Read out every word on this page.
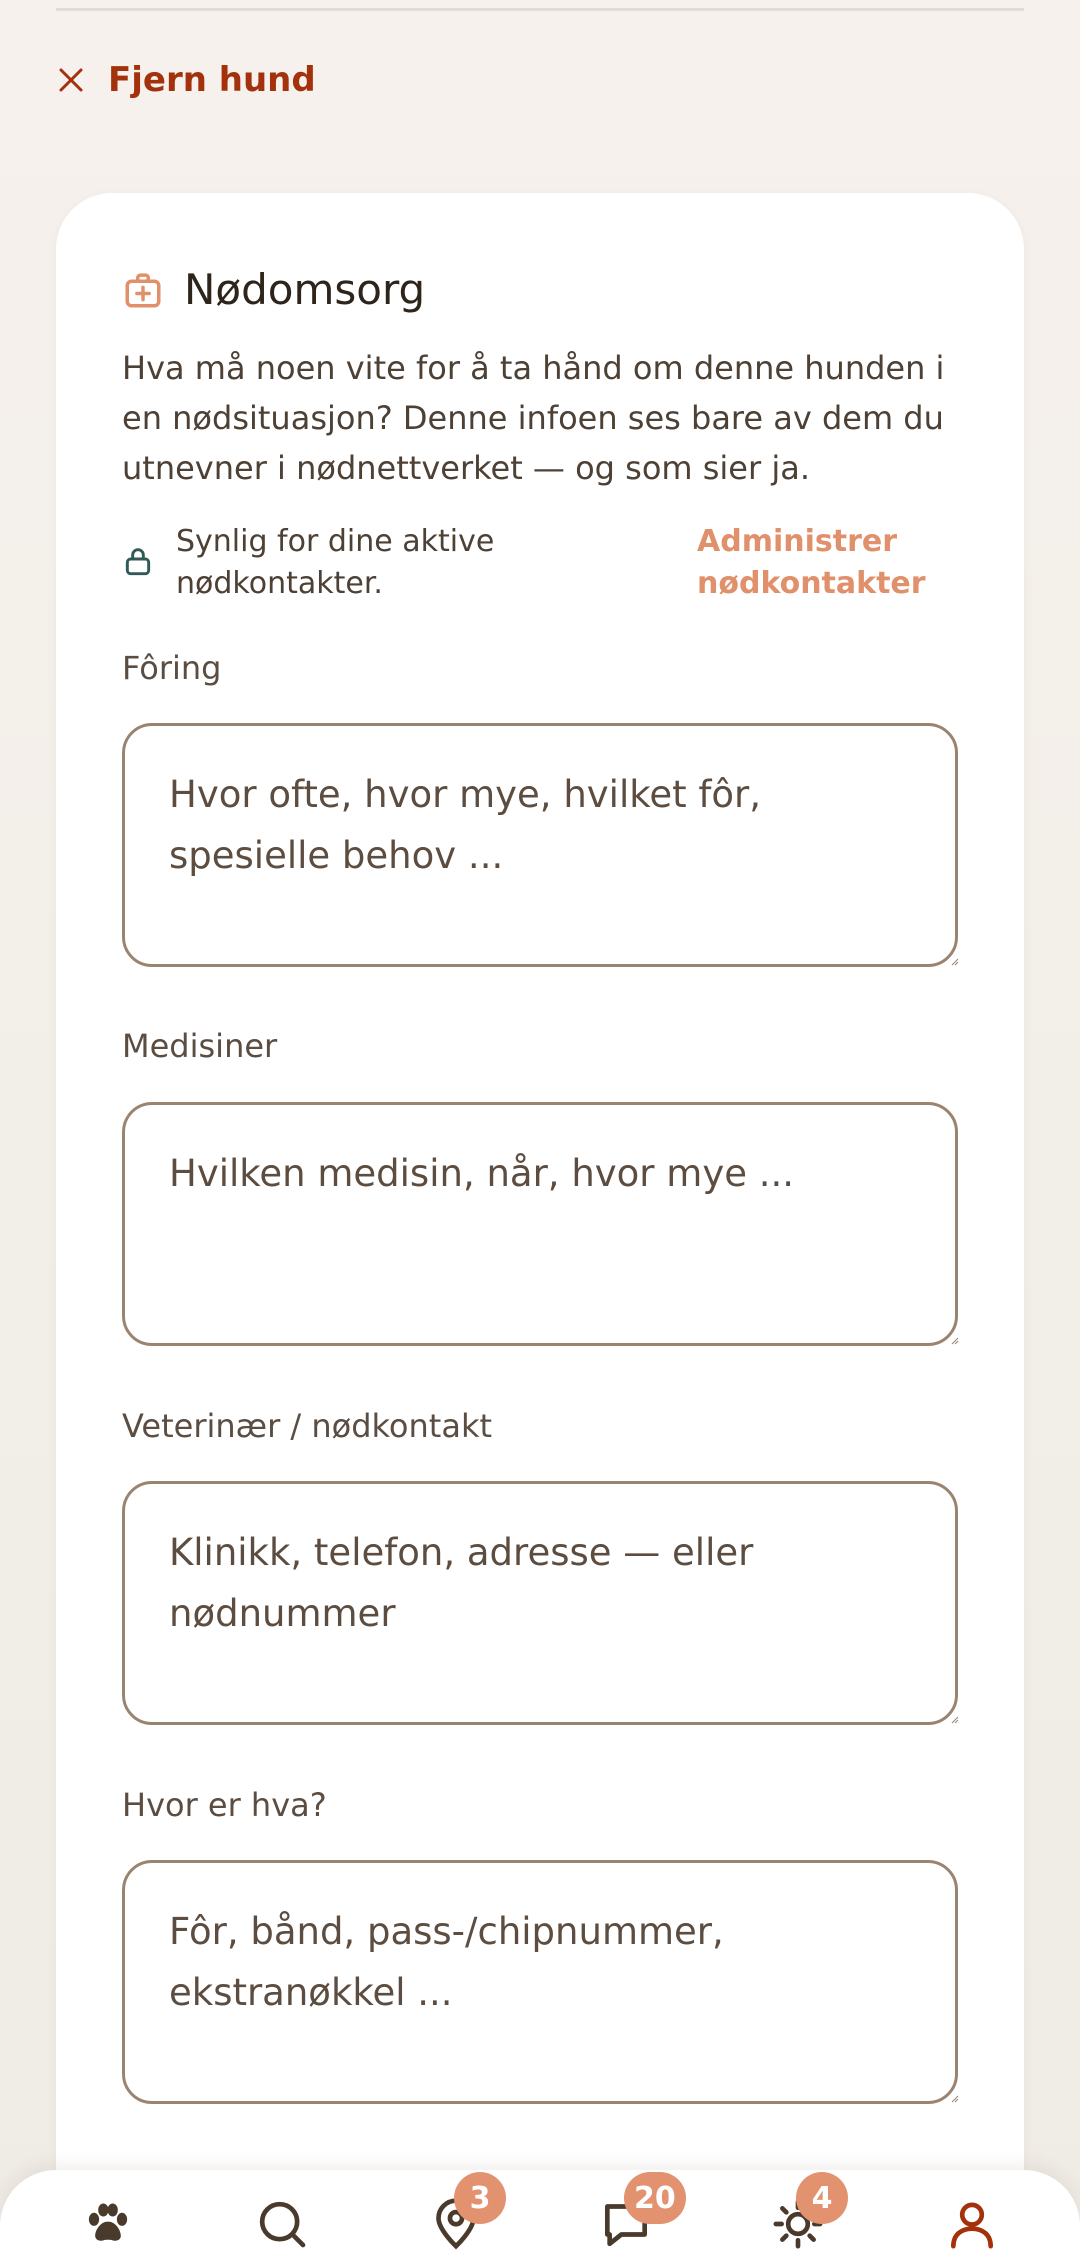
Fjern hund
Nødomsorg

Hva må noen vite for å ta hånd om denne hunden i en nødsituasjon? Denne infoen ses bare av dem du utnevner i nødnettverket — og som sier ja.

Synlig for dine aktive nødkontakter.
Administrer nødkontakter
Fôring
Hvor ofte, hvor mye, hvilket fôr, spesielle behov ...
Medisiner
Hvilken medisin, når, hvor mye ...
Veterinær / nødkontakt
Klinikk, telefon, adresse — eller nødnummer
Hvor er hva?
Fôr, bånd, pass-/chipnummer, ekstranøkkel ...
3	20	4
